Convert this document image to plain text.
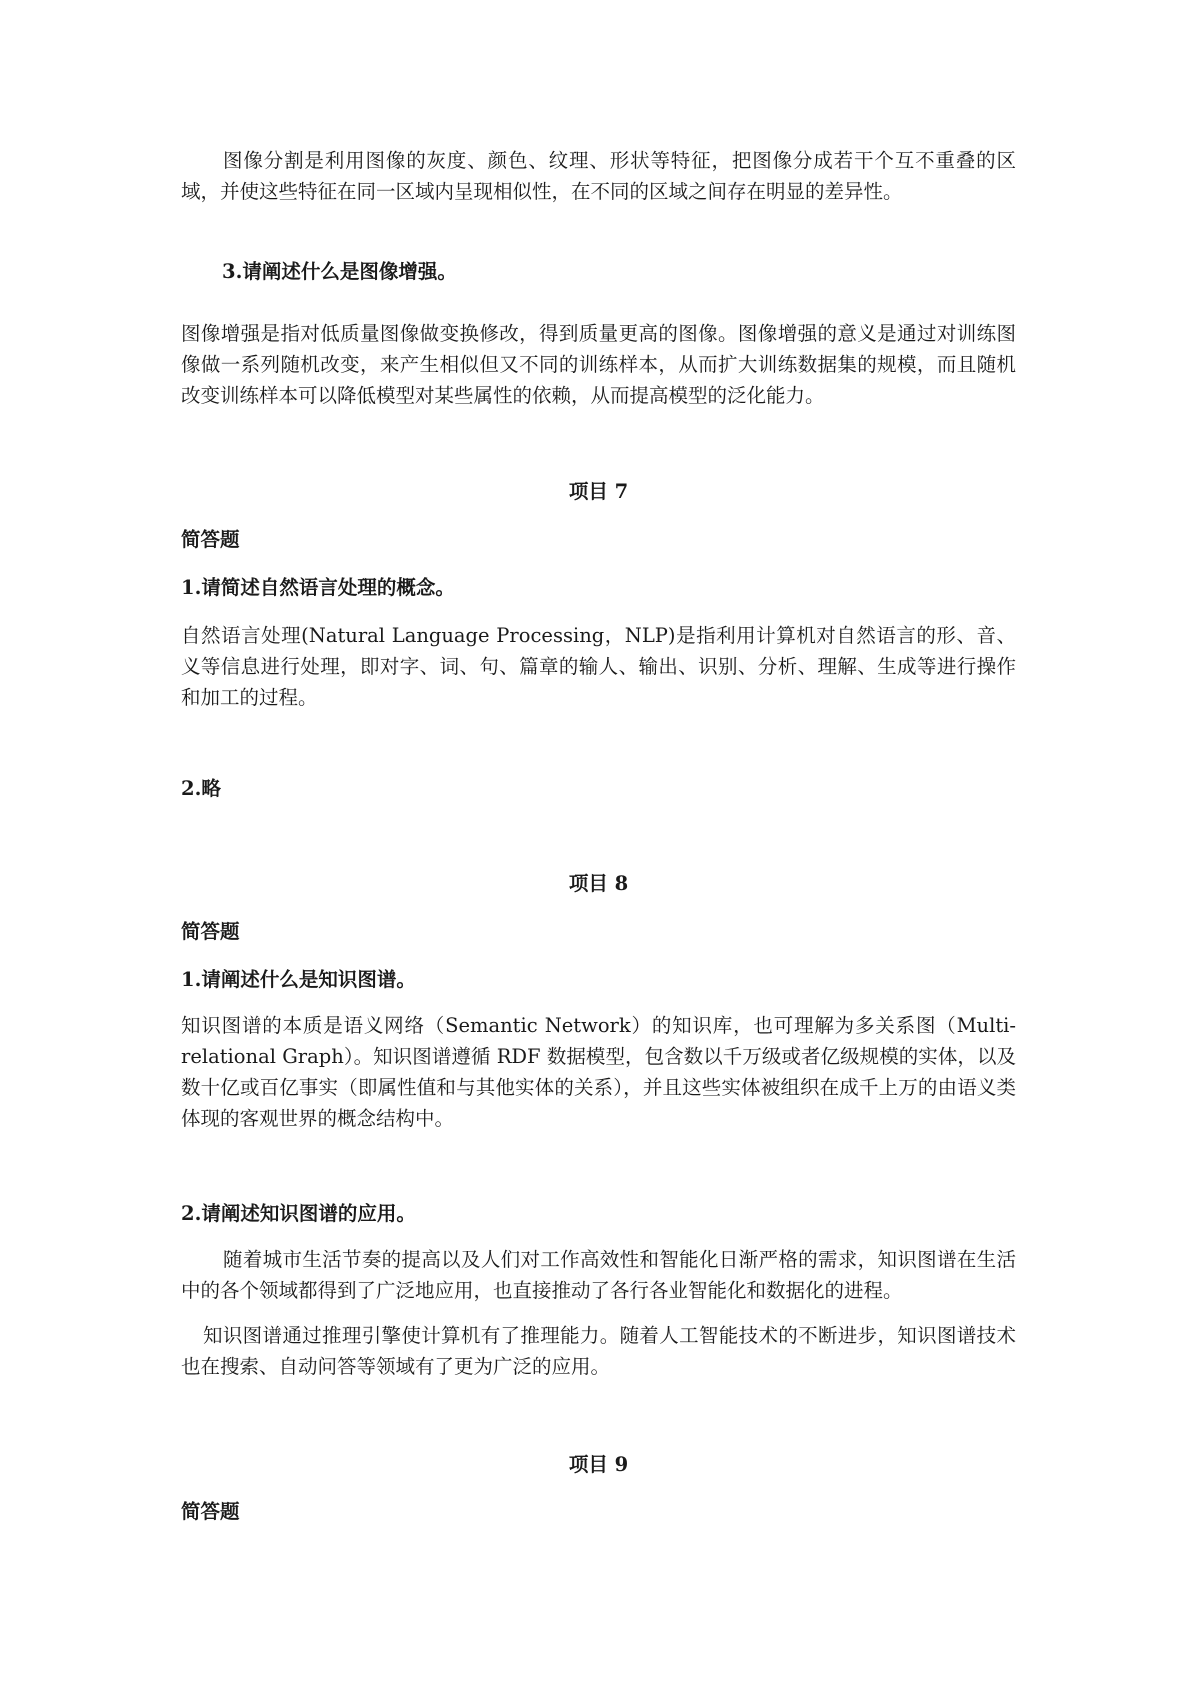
图像分割是利用图像的灰度、颜色、纹理、形状等特征，把图像分成若干个互不重叠的区域，并使这些特征在同一区域内呈现相似性，在不同的区域之间存在明显的差异性。

3.请阐述什么是图像增强。

图像增强是指对低质量图像做变换修改，得到质量更高的图像。图像增强的意义是通过对训练图像做一系列随机改变，来产生相似但又不同的训练样本，从而扩大训练数据集的规模，而且随机改变训练样本可以降低模型对某些属性的依赖，从而提高模型的泛化能力。

项目 7
简答题
1.请简述自然语言处理的概念。

自然语言处理(Natural Language Processing，NLP)是指利用计算机对自然语言的形、音、义等信息进行处理，即对字、词、句、篇章的输人、输出、识别、分析、理解、生成等进行操作和加工的过程。

2.略
项目 8
简答题
1.请阐述什么是知识图谱。

知识图谱的本质是语义网络（Semantic Network）的知识库，也可理解为多关系图（Multi-relational Graph）。知识图谱遵循 RDF 数据模型，包含数以千万级或者亿级规模的实体，以及数十亿或百亿事实（即属性值和与其他实体的关系），并且这些实体被组织在成千上万的由语义类体现的客观世界的概念结构中。

2.请阐述知识图谱的应用。

随着城市生活节奏的提高以及人们对工作高效性和智能化日渐严格的需求，知识图谱在生活中的各个领域都得到了广泛地应用，也直接推动了各行各业智能化和数据化的进程。

知识图谱通过推理引擎使计算机有了推理能力。随着人工智能技术的不断进步，知识图谱技术也在搜索、自动问答等领域有了更为广泛的应用。

项目 9
简答题
